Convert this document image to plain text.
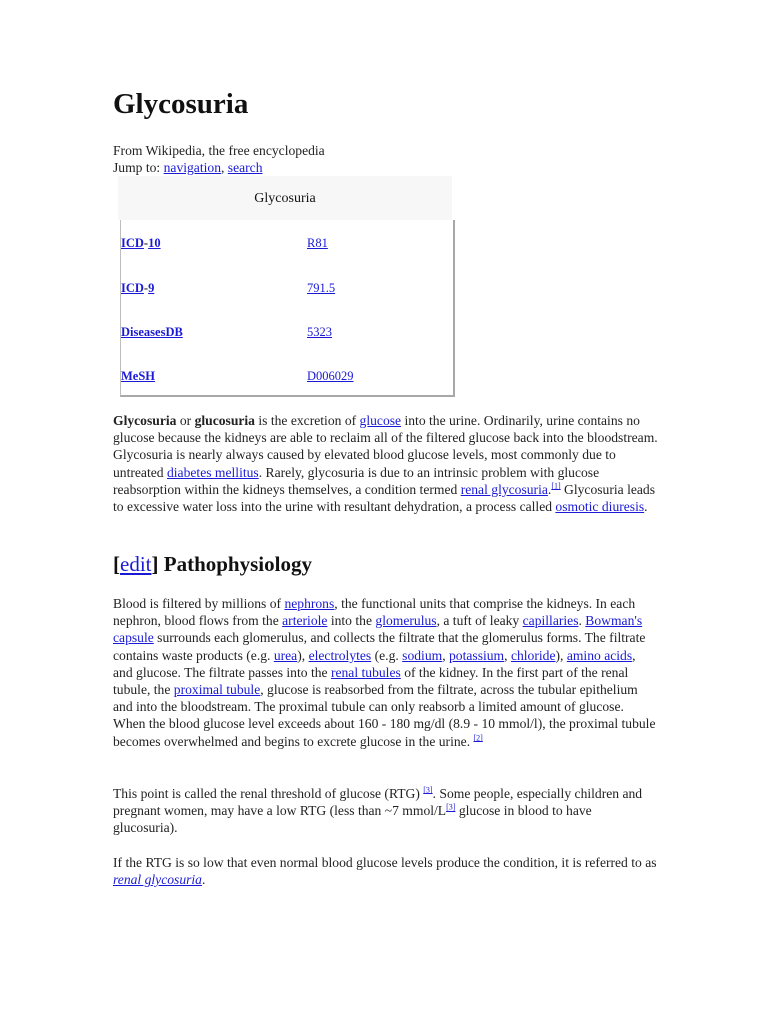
Glycosuria
From Wikipedia, the free encyclopedia
Jump to: navigation, search
Glycosuria
ICD-10	R81
ICD-9	791.5
DiseasesDB	5323
MeSH	D006029

Glycosuria or glucosuria is the excretion of glucose into the urine. Ordinarily, urine contains no glucose because the kidneys are able to reclaim all of the filtered glucose back into the bloodstream. Glycosuria is nearly always caused by elevated blood glucose levels, most commonly due to untreated diabetes mellitus. Rarely, glycosuria is due to an intrinsic problem with glucose reabsorption within the kidneys themselves, a condition termed renal glycosuria.[1] Glycosuria leads to excessive water loss into the urine with resultant dehydration, a process called osmotic diuresis.

[edit] Pathophysiology

Blood is filtered by millions of nephrons, the functional units that comprise the kidneys. In each nephron, blood flows from the arteriole into the glomerulus, a tuft of leaky capillaries. Bowman's capsule surrounds each glomerulus, and collects the filtrate that the glomerulus forms. The filtrate contains waste products (e.g. urea), electrolytes (e.g. sodium, potassium, chloride), amino acids, and glucose. The filtrate passes into the renal tubules of the kidney. In the first part of the renal tubule, the proximal tubule, glucose is reabsorbed from the filtrate, across the tubular epithelium and into the bloodstream. The proximal tubule can only reabsorb a limited amount of glucose. When the blood glucose level exceeds about 160 - 180 mg/dl (8.9 - 10 mmol/l), the proximal tubule becomes overwhelmed and begins to excrete glucose in the urine. [2]

This point is called the renal threshold of glucose (RTG) [3]. Some people, especially children and pregnant women, may have a low RTG (less than ~7 mmol/L[3] glucose in blood to have glucosuria).

If the RTG is so low that even normal blood glucose levels produce the condition, it is referred to as renal glycosuria.
